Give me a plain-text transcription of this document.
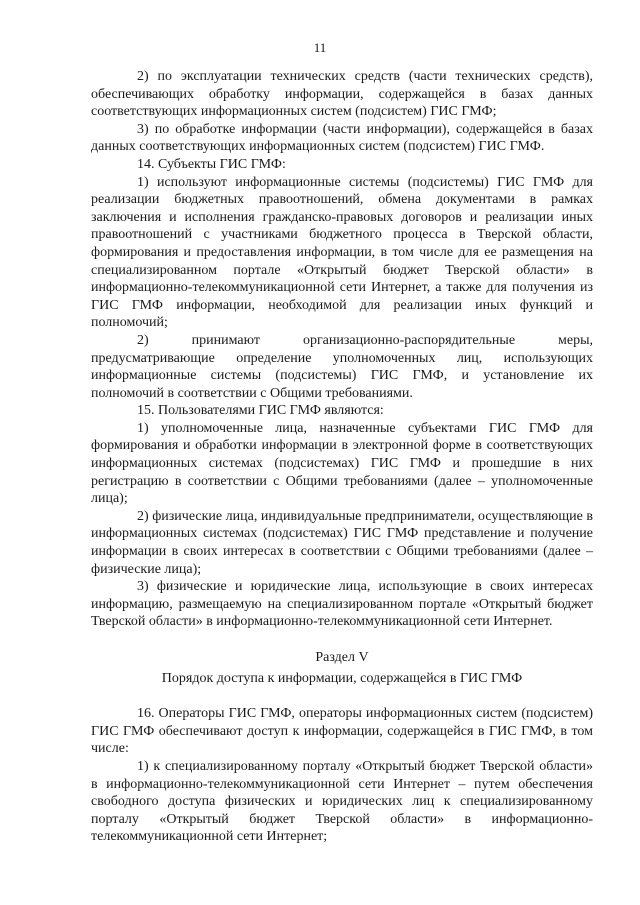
11

2) по эксплуатации технических средств (части технических средств), обеспечивающих обработку информации, содержащейся в базах данных соответствующих информационных систем (подсистем) ГИС ГМФ;

3) по обработке информации (части информации), содержащейся в базах данных соответствующих информационных систем (подсистем) ГИС ГМФ.

14. Субъекты ГИС ГМФ:

1) используют информационные системы (подсистемы) ГИС ГМФ для реализации бюджетных правоотношений, обмена документами в рамках заключения и исполнения гражданско-правовых договоров и реализации иных правоотношений с участниками бюджетного процесса в Тверской области, формирования и предоставления информации, в том числе для ее размещения на специализированном портале «Открытый бюджет Тверской области» в информационно-телекоммуникационной сети Интернет, а также для получения из ГИС ГМФ информации, необходимой для реализации иных функций и полномочий;

2) принимают организационно-распорядительные меры, предусматривающие определение уполномоченных лиц, использующих информационные системы (подсистемы) ГИС ГМФ, и установление их полномочий в соответствии с Общими требованиями.

15. Пользователями ГИС ГМФ являются:

1) уполномоченные лица, назначенные субъектами ГИС ГМФ для формирования и обработки информации в электронной форме в соответствующих информационных системах (подсистемах) ГИС ГМФ и прошедшие в них регистрацию в соответствии с Общими требованиями (далее – уполномоченные лица);

2) физические лица, индивидуальные предприниматели, осуществляющие в информационных системах (подсистемах) ГИС ГМФ представление и получение информации в своих интересах в соответствии с Общими требованиями (далее – физические лица);

3) физические и юридические лица, использующие в своих интересах информацию, размещаемую на специализированном портале «Открытый бюджет Тверской области» в информационно-телекоммуникационной сети Интернет.

Раздел V
Порядок доступа к информации, содержащейся в ГИС ГМФ

16. Операторы ГИС ГМФ, операторы информационных систем (подсистем) ГИС ГМФ обеспечивают доступ к информации, содержащейся в ГИС ГМФ, в том числе:

1) к специализированному порталу «Открытый бюджет Тверской области» в информационно-телекоммуникационной сети Интернет – путем обеспечения свободного доступа физических и юридических лиц к специализированному порталу «Открытый бюджет Тверской области» в информационно-телекоммуникационной сети Интернет;
